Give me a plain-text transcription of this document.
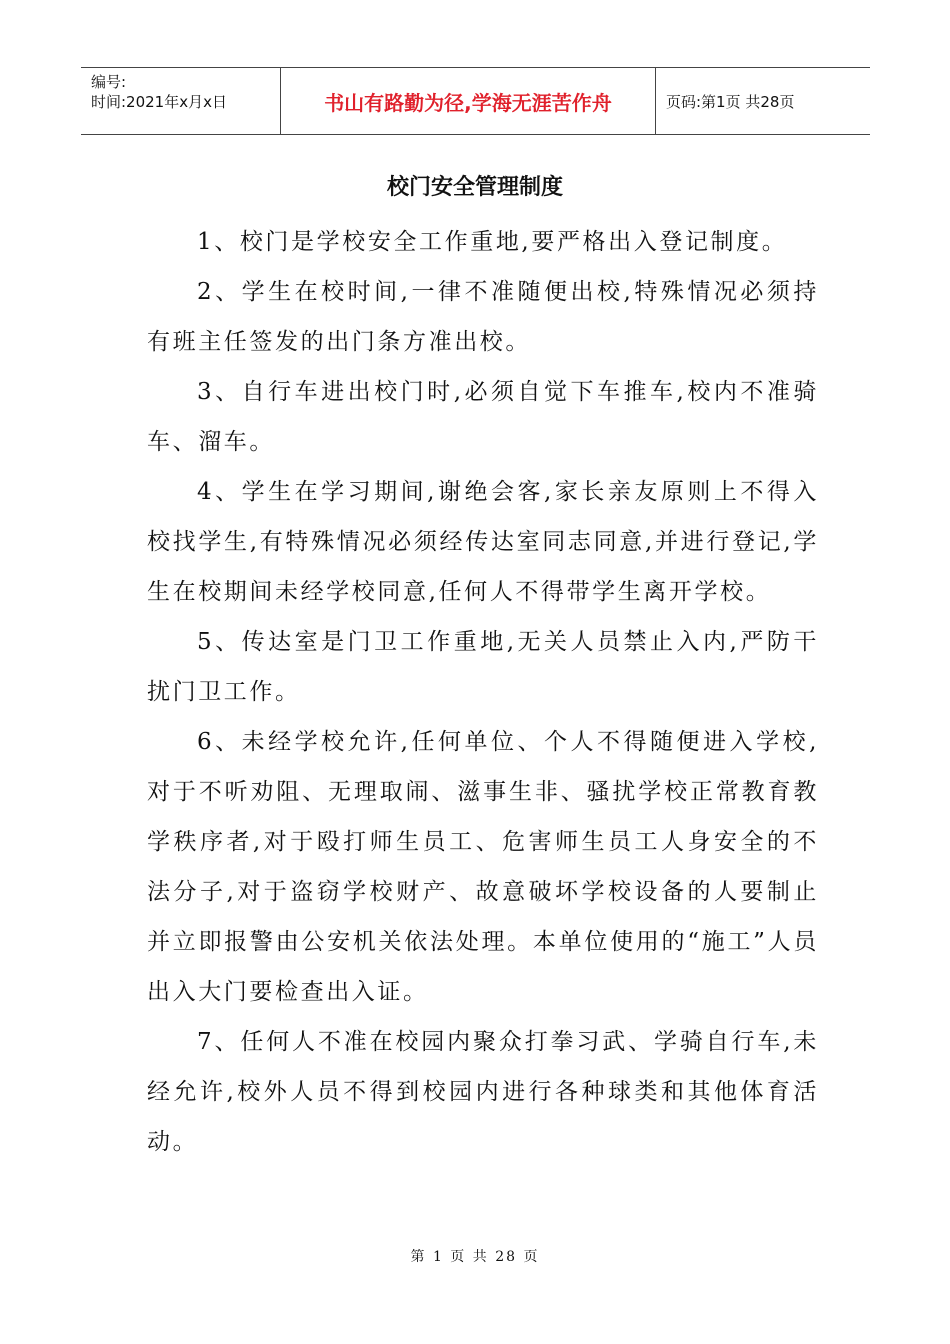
编号:
时间:2021年x月x日	书山有路勤为径,学海无涯苦作舟	页码:第1页 共28页
校门安全管理制度

1、校门是学校安全工作重地,要严格出入登记制度。

2、学生在校时间,一律不准随便出校,特殊情况必须持有班主任签发的出门条方准出校。

3、自行车进出校门时,必须自觉下车推车,校内不准骑车、溜车。

4、学生在学习期间,谢绝会客,家长亲友原则上不得入校找学生,有特殊情况必须经传达室同志同意,并进行登记,学生在校期间未经学校同意,任何人不得带学生离开学校。

5、传达室是门卫工作重地,无关人员禁止入内,严防干扰门卫工作。

6、未经学校允许,任何单位、个人不得随便进入学校,对于不听劝阻、无理取闹、滋事生非、骚扰学校正常教育教学秩序者,对于殴打师生员工、危害师生员工人身安全的不法分子,对于盗窃学校财产、故意破坏学校设备的人要制止并立即报警由公安机关依法处理。本单位使用的“施工”人员出入大门要检查出入证。

7、任何人不准在校园内聚众打拳习武、学骑自行车,未经允许,校外人员不得到校园内进行各种球类和其他体育活动。

第 1 页 共 28 页
